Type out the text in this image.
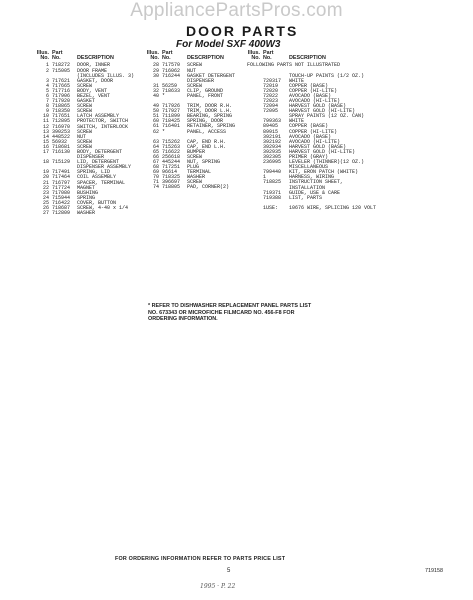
AppliancePartsPros.com
DOOR PARTS
For Model SXF 400W3
Illus. Part
No. No.	DESCRIPTION
1 718272	DOOR, INNER
2 715005	DOOR FRAME
(INCLUDES ILLUS. 3)
3 717621	GASKET, DOOR
4 717665	SCREW
5 717716	BODY, VENT
6 717906	BEZEL, VENT
7 717920	GASKET
8 718865	SCREW
9 718350	SCREW
10 717651	LATCH ASSEMBLY
11 712895	PROTECTOR, SWITCH
12 716970	SWITCH, INTERLOCK
13 390253	SCREW
14 448522	NUT
15 56932	SCREW
16 718681	SCREW
17 716130	BODY, DETERGENT
DISPENSER
18 715129	LID, DETERGENT
DISPENSER ASSEMBLY
19 717491	SPRING, LID
20 717464	COIL ASSEMBLY
21 716797	SPACER, TERMINAL
22 717724	MAGNET
23 717080	BUSHING
24 715944	SPRING
25 716422	COVER, BUTTON
26 718687	SCREW, 4-40 x 1/4
27 712809	WASHER
Illus. Part
No. No.	DESCRIPTION
28 717570	SCREW
29 716062	NUT
30 716244	GASKET DETERGENT
DISPENSER
31 56259	SCREW
32 718633	CLIP, GROUND
40 *	PANEL, FRONT
49 717926	TRIM, DOOR R.H.
50 717927	TRIM, DOOR L.H.
51 711899	BEARING, SPRING
60 718425	SPRING, DOOR
61 716401	RETAINER, SPRING
62 *	PANEL, ACCESS
63 715262	CAP, END R.H.
64 715263	CAP, END L.H.
65 716622	BUMPER
66 256618	SCREW
67 445244	NUT, SPRING
68 717251	PLUG
69 96614	TERMINAL
70 718325	WASHER
71 396697	SCREW
74 718805	PAD, CORNER(2)
Illus. Part
No. No.	DESCRIPTION
FOLLOWING PARTS NOT ILLUSTRATED
TOUCH-UP PAINTS (1/2 OZ.)
720317	WHITE
72019	COPPER (BASE)
72020	COPPER (HI-LITE)
72022	AVOCADO (BASE)
72023	AVOCADO (HI-LITE)
72094	HARVEST GOLD (BASE)
72095	HARVEST GOLD (HI-LITE)
SPRAY PAINTS (12 OZ. CAN)
799363	WHITE
89405	COPPER (BASE)
89915	COPPER (HI-LITE)
392191	AVOCADO (BASE)
392192	AVOCADO (HI-LITE)
392934	HARVEST GOLD (BASE)
392935	HARVEST GOLD (HI-LITE)
392305	PRIMER (GRAY)
236995	LEVELER (THINNER)(12 OZ.)
MISCELLANEOUS
799440	KIT, ERON PATCH (WHITE)
1	HARNESS, WIRING
718825	INSTRUCTION SHEET,
INSTALLATION
719371	GUIDE, USE & CARE
719388	LIST, PARTS
1USE:	10676 WIRE, SPLICING 120 VOLT
* REFER TO DISHWASHER REPLACEMENT PANEL PARTS LIST NO. 673343 OR MICROFICHE FILMCARD NO. 456-F8 FOR ORDERING INFORMATION.
FOR ORDERING INFORMATION REFER TO PARTS PRICE LIST
5	719158
1995 · P. 22
